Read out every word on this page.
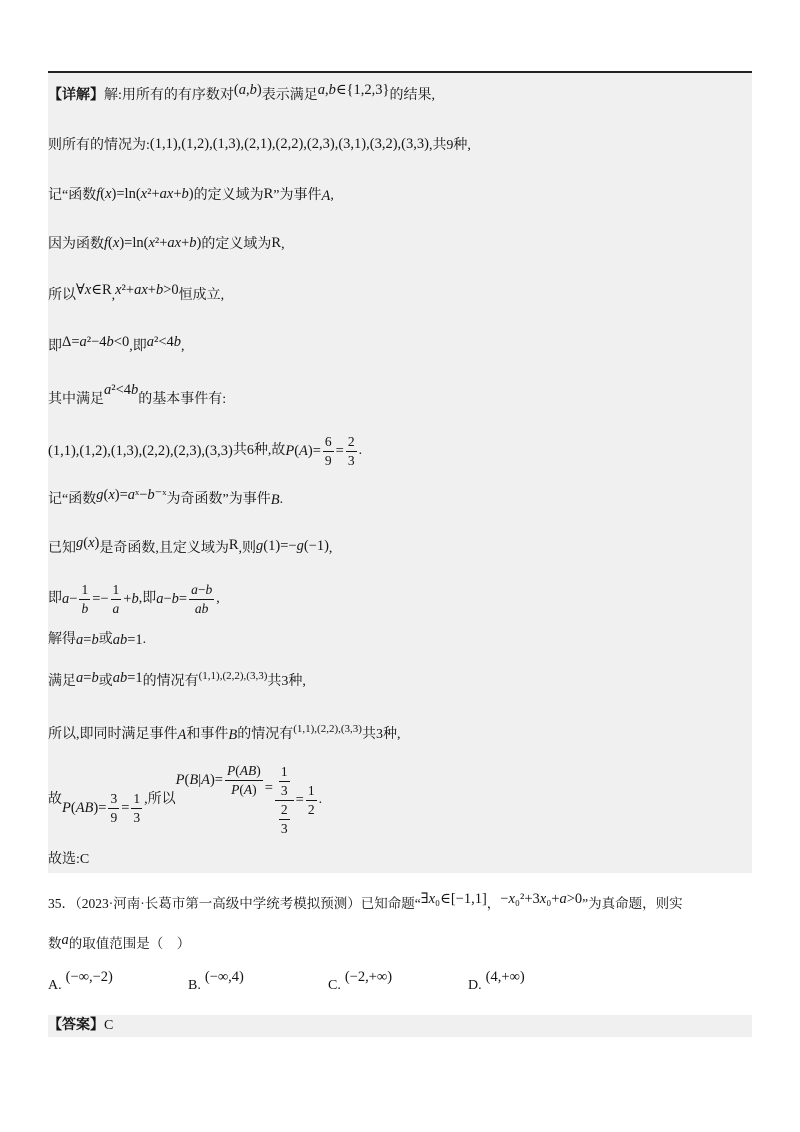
【详解】 解:用所有的有序数对 (a,b) 表示满足 a,b∈{1,2,3} 的结果,
则所有的情况为: (1,1),(1,2),(1,3),(2,1),(2,2),(2,3),(3,1),(3,2),(3,3) ,共9种,
记“函数 f(x)=ln(x²+ax+b) 的定义域为 R ”为事件 A ,
因为函数 f(x)=ln(x²+ax+b) 的定义域为 R ,
所以 ∀x∈R , x²+ax+b>0 恒成立,
即 Δ=a²−4b<0 ,即 a²<4b ,
其中满足
a²<4b
的基本事件有:
(1,1),(1,2),(1,3),(2,2),(2,3),(3,3) 共6种,故 $P(A)= \frac{6}{9} = \frac{2}{3}$ .
记“函数 g(x)=aˣ−b⁻ˣ 为奇函数”为事件 B .
已知 g(x) 是奇函数,且定义域为 R ,则 g(1)=−g(−1) ,
即 $a- \frac{1}{b} =- \frac{1}{a} +b$ ,即 $a-b= \frac{a-b}{ab}$ ,
解得 a=b 或 ab=1 .
满足 a=b 或 ab=1 的情况有 (1,1),(2,2),(3,3) 共3种,
所以,即同时满足事件 A 和事件 B 的情况有 (1,1),(2,2),(3,3) 共3种,
故
$P(AB)= \frac{3}{9} = \frac{1}{3}$ ,所以
$P(B|A)= \frac{P(AB)}{P(A)} = \frac{\frac{1}{3}}{\frac{2}{3}} = \frac{1}{2}$ .
故选:C
35．（2023·河南·长葛市第一高级中学统考模拟预测）已知命题“ ∃x₀∈[−1,1] ， −x₀²+3x₀+a>0 ”为真命题，则实
数 a 的取值范围是（　）
A.
(−∞,−2)
B.
(−∞,4)
C.
(−2,+∞)
D.
(4,+∞)
【答案】 C
